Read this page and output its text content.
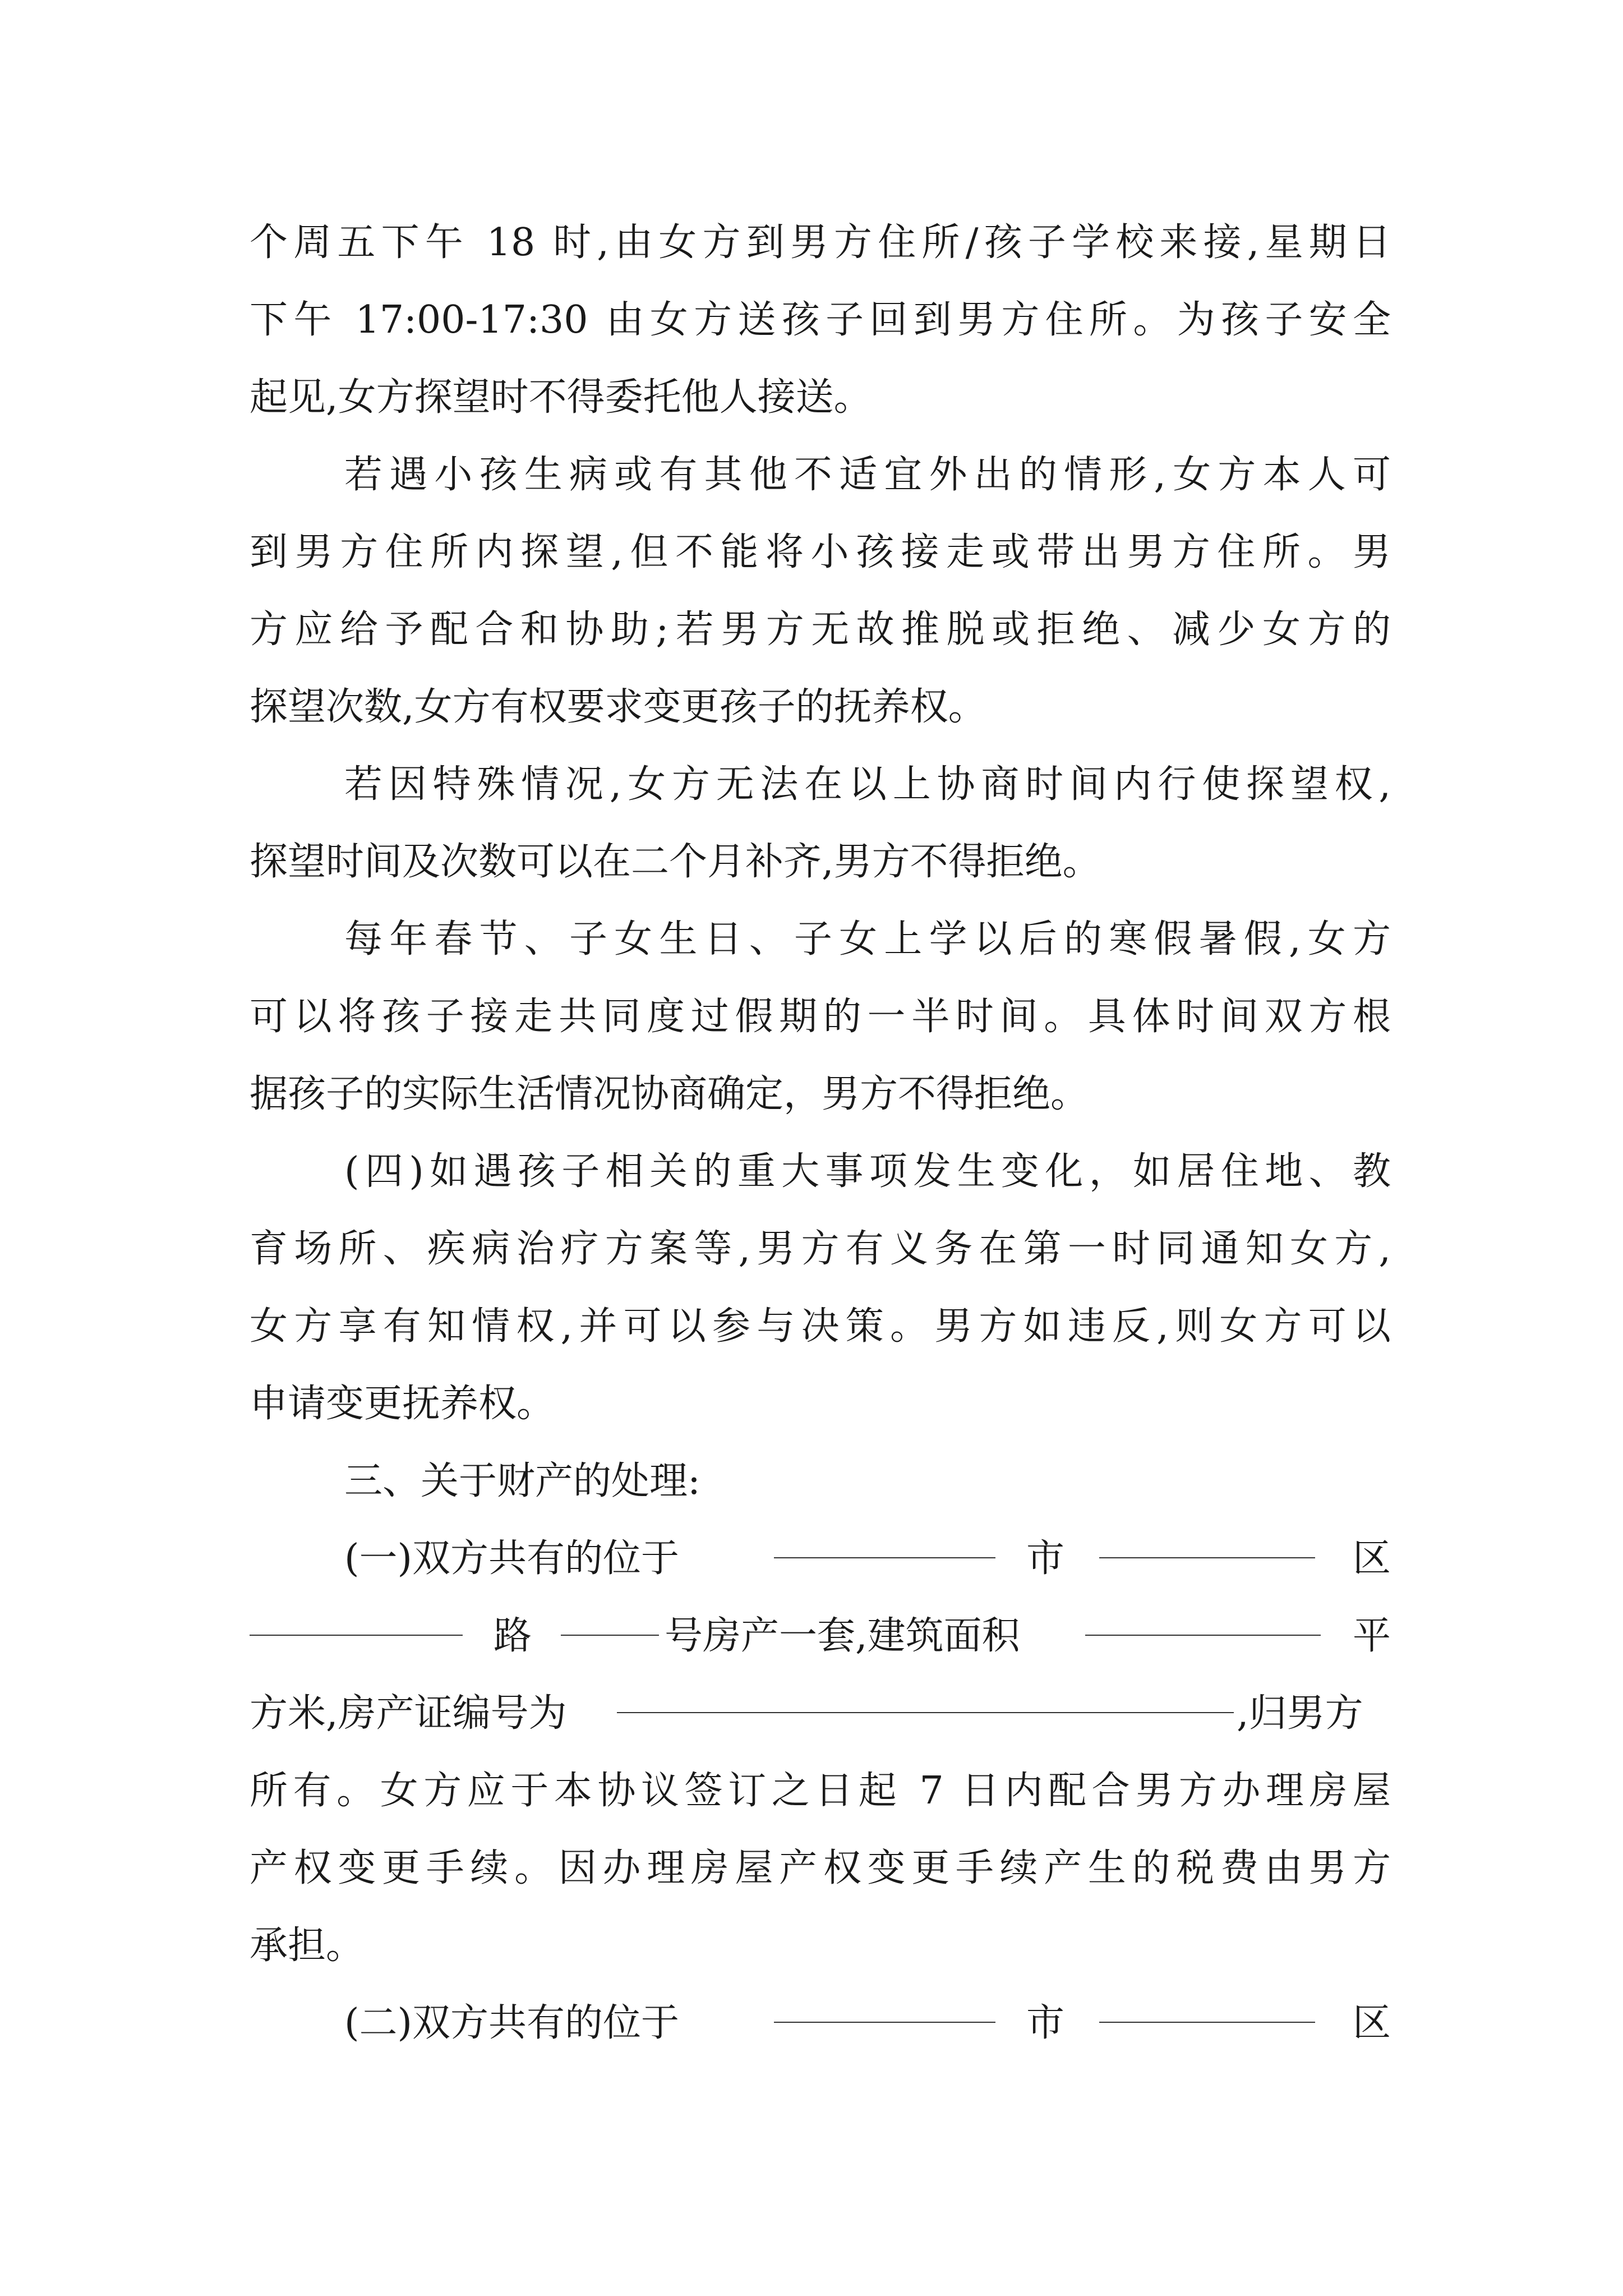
个周五下午 18 时,由女方到男方住所/孩子学校来接,星期日
下午 17:00-17:30 由女方送孩子回到男方住所。为孩子安全
起见,女方探望时不得委托他人接送。
若遇小孩生病或有其他不适宜外出的情形,女方本人可
到男方住所内探望,但不能将小孩接走或带出男方住所。男
方应给予配合和协助;若男方无故推脱或拒绝、减少女方的
探望次数,女方有权要求变更孩子的抚养权。
若因特殊情况,女方无法在以上协商时间内行使探望权,
探望时间及次数可以在二个月补齐,男方不得拒绝。
每年春节、子女生日、子女上学以后的寒假暑假,女方
可以将孩子接走共同度过假期的一半时间。具体时间双方根
据孩子的实际生活情况协商确定，男方不得拒绝。
(四)如遇孩子相关的重大事项发生变化，如居住地、教
育场所、疾病治疗方案等,男方有义务在第一时同通知女方,
女方享有知情权,并可以参与决策。男方如违反,则女方可以
申请变更抚养权。
三、关于财产的处理:
(一)双方共有的位于	市	区
路	号房产一套,建筑面积	平
方米,房产证编号为	,归男方
所有。女方应于本协议签订之日起 7 日内配合男方办理房屋
产权变更手续。因办理房屋产权变更手续产生的税费由男方
承担。
(二)双方共有的位于	市	区
